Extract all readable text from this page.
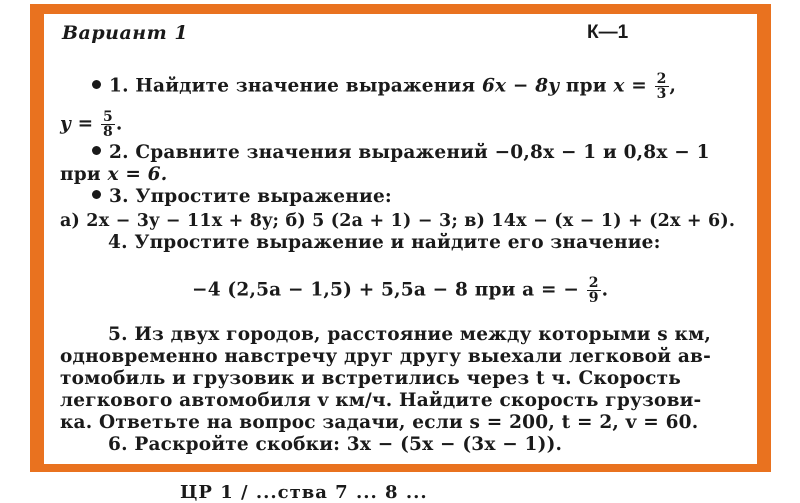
Вариант 1	К—1
1. Найдите значение выражения 6x − 8y при $x = \frac{2}{3}$ ,
$y = \frac{5}{8}$ .
2. Сравните значения выражений −0,8x − 1 и 0,8x − 1
при x = 6.
3. Упростите выражение:
а) 2x − 3y − 11x + 8y; б) 5 (2a + 1) − 3; в) 14x − (x − 1) + (2x + 6).
4. Упростите выражение и найдите его значение:
−4 (2,5a − 1,5) + 5,5a − 8 при a = − $\frac{2}{9}$ .
5. Из двух городов, расстояние между которыми s км,
одновременно навстречу друг другу выехали легковой ав-
томобиль и грузовик и встретились через t ч. Скорость
легкового автомобиля v км/ч. Найдите скорость грузови-
ка. Ответьте на вопрос задачи, если s = 200, t = 2, v = 60.
6. Раскройте скобки: 3x − (5x − (3x − 1)).
ЦР 1 / ...ства 7 ... 8 ...
